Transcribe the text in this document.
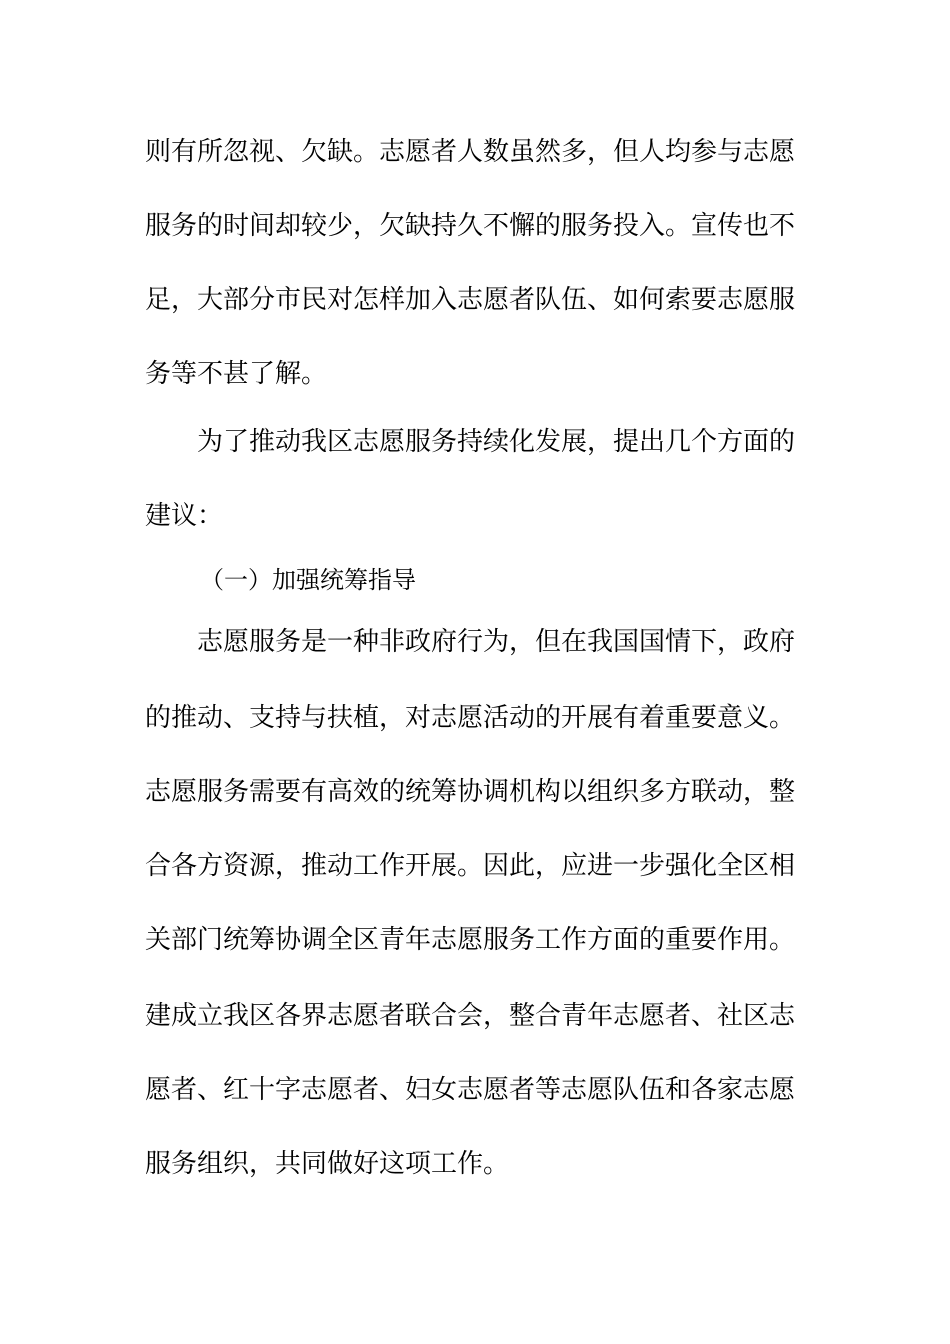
则有所忽视、欠缺。志愿者人数虽然多，但人均参与志愿
服务的时间却较少，欠缺持久不懈的服务投入。宣传也不
足，大部分市民对怎样加入志愿者队伍、如何索要志愿服
务等不甚了解。
为了推动我区志愿服务持续化发展，提出几个方面的
建议：
（一）加强统筹指导
志愿服务是一种非政府行为，但在我国国情下，政府
的推动、支持与扶植，对志愿活动的开展有着重要意义。
志愿服务需要有高效的统筹协调机构以组织多方联动，整
合各方资源，推动工作开展。因此，应进一步强化全区相
关部门统筹协调全区青年志愿服务工作方面的重要作用。
建成立我区各界志愿者联合会，整合青年志愿者、社区志
愿者、红十字志愿者、妇女志愿者等志愿队伍和各家志愿
服务组织，共同做好这项工作。
